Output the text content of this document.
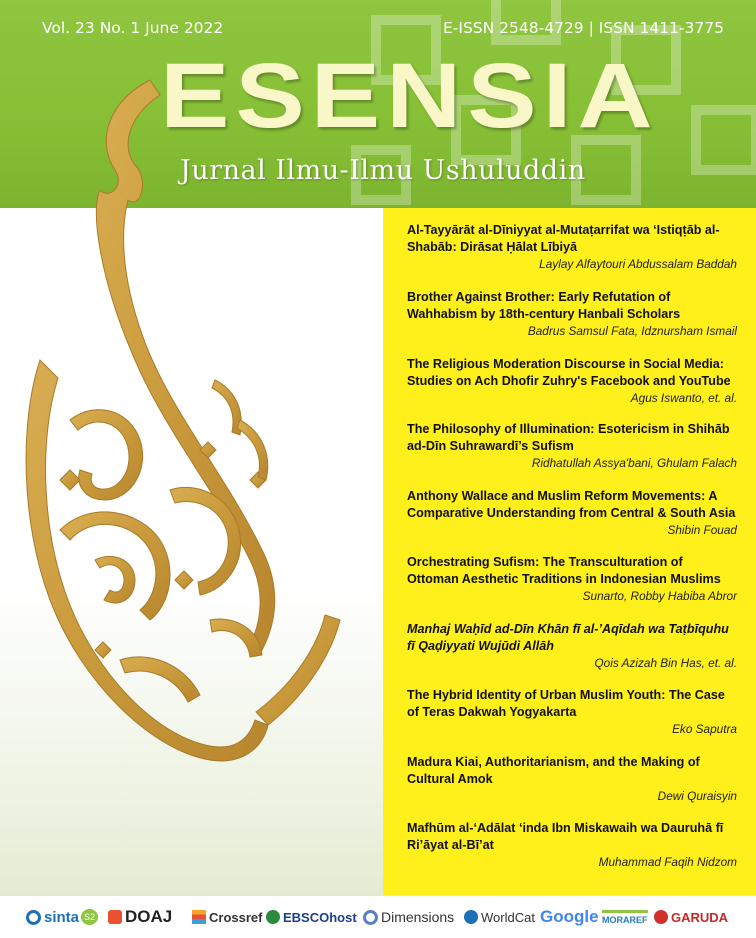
Vol. 23 No. 1 June 2022	E-ISSN 2548-4729 | ISSN 1411-3775
ESENSIA
Jurnal Ilmu-Ilmu Ushuluddin
Al-Tayyārāt al-Dīniyyat al-Mutaṭarrifat wa ‘Istiqṭāb al-Shabāb: Dirāsat Ḥālat Lībiyā
Laylay Alfaytouri Abdussalam Baddah
Brother Against Brother: Early Refutation of Wahhabism by 18th-century Hanbali Scholars
Badrus Samsul Fata, Idznursham Ismail
The Religious Moderation Discourse in Social Media: Studies on Ach Dhofir Zuhry's Facebook and YouTube
Agus Iswanto, et. al.
The Philosophy of Illumination: Esotericism in Shihāb ad-Dīn Suhrawardī’s Sufism
Ridhatullah Assya'bani, Ghulam Falach
Anthony Wallace and Muslim Reform Movements: A Comparative Understanding from Central & South Asia
Shibin Fouad
Orchestrating Sufism: The Transculturation of Ottoman Aesthetic Traditions in Indonesian Muslims
Sunarto, Robby Habiba Abror
Manhaj Waḥīd ad-Dīn Khān fī al-’Aqīdah wa Taṭbīquhu fī Qaḍiyyati Wujūdi Allāh
Qois Azizah Bin Has, et. al.
The Hybrid Identity of Urban Muslim Youth: The Case of Teras Dakwah Yogyakarta
Eko Saputra
Madura Kiai, Authoritarianism, and the Making of Cultural Amok
Dewi Quraisyin
Mafhūm al-‘Adālat ‘inda Ibn Miskawaih wa Dauruhā fī Ri’āyat al-Bī’at
Muhammad Faqih Nidzom
sinta S2 DOAJ	Crossref EBSCOhost Dimensions WorldCat Google MORAREF GARUDA
